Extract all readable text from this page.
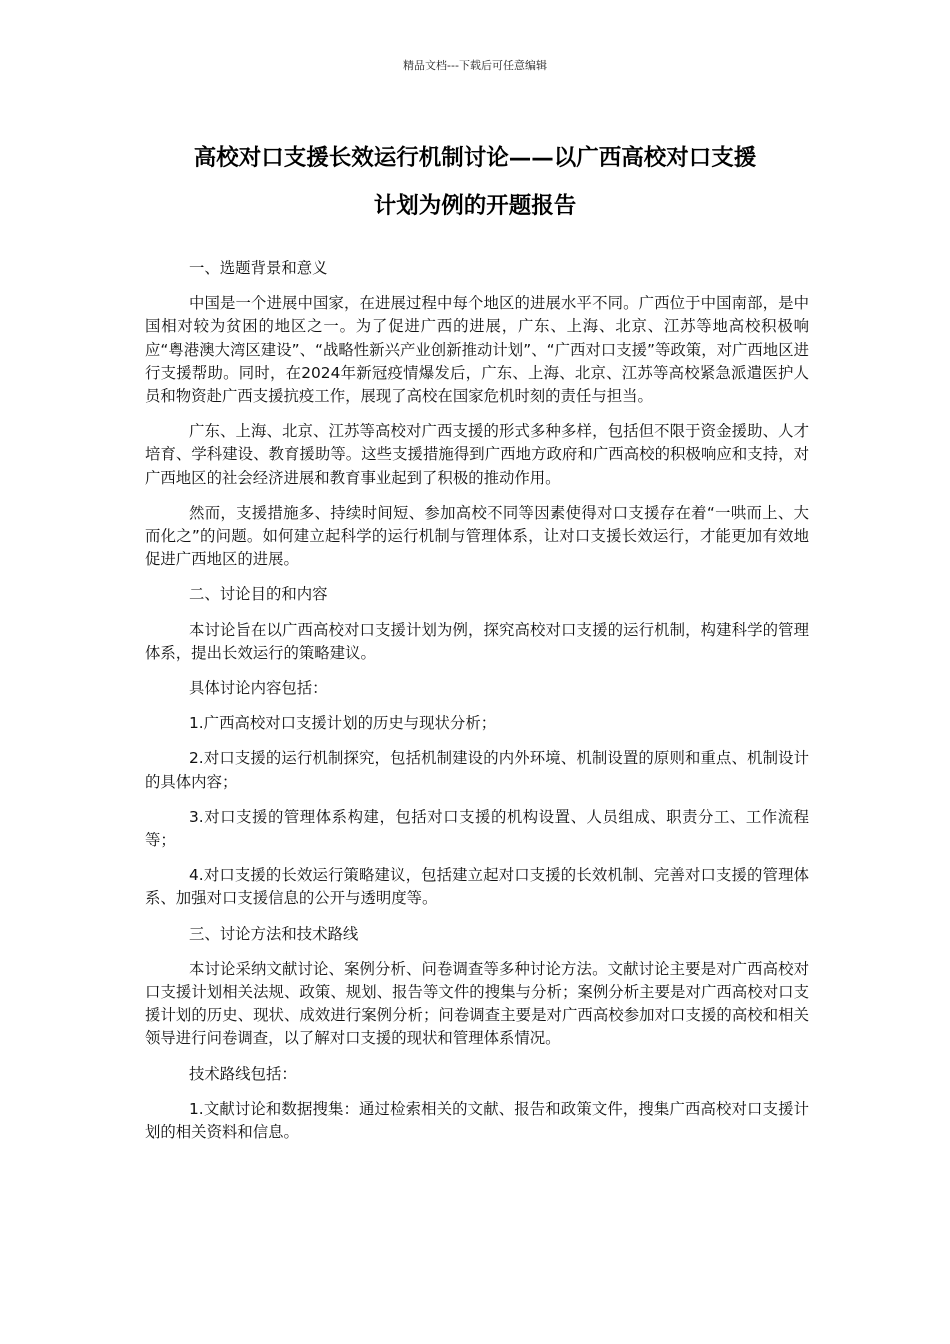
精品文档---下载后可任意编辑
高校对口支援长效运行机制讨论——以广西高校对口支援
计划为例的开题报告

一、选题背景和意义

中国是一个进展中国家，在进展过程中每个地区的进展水平不同。广西位于中国南部，是中国相对较为贫困的地区之一。为了促进广西的进展，广东、上海、北京、江苏等地高校积极响应“粤港澳大湾区建设”、“战略性新兴产业创新推动计划”、“广西对口支援”等政策，对广西地区进行支援帮助。同时，在2024年新冠疫情爆发后，广东、上海、北京、江苏等高校紧急派遣医护人员和物资赴广西支援抗疫工作，展现了高校在国家危机时刻的责任与担当。

广东、上海、北京、江苏等高校对广西支援的形式多种多样，包括但不限于资金援助、人才培育、学科建设、教育援助等。这些支援措施得到广西地方政府和广西高校的积极响应和支持，对广西地区的社会经济进展和教育事业起到了积极的推动作用。

然而，支援措施多、持续时间短、参加高校不同等因素使得对口支援存在着“一哄而上、大而化之”的问题。如何建立起科学的运行机制与管理体系，让对口支援长效运行，才能更加有效地促进广西地区的进展。

二、讨论目的和内容

本讨论旨在以广西高校对口支援计划为例，探究高校对口支援的运行机制，构建科学的管理体系，提出长效运行的策略建议。

具体讨论内容包括：

1.广西高校对口支援计划的历史与现状分析；

2.对口支援的运行机制探究，包括机制建设的内外环境、机制设置的原则和重点、机制设计的具体内容；

3.对口支援的管理体系构建，包括对口支援的机构设置、人员组成、职责分工、工作流程等；

4.对口支援的长效运行策略建议，包括建立起对口支援的长效机制、完善对口支援的管理体系、加强对口支援信息的公开与透明度等。

三、讨论方法和技术路线

本讨论采纳文献讨论、案例分析、问卷调查等多种讨论方法。文献讨论主要是对广西高校对口支援计划相关法规、政策、规划、报告等文件的搜集与分析；案例分析主要是对广西高校对口支援计划的历史、现状、成效进行案例分析；问卷调查主要是对广西高校参加对口支援的高校和相关领导进行问卷调查，以了解对口支援的现状和管理体系情况。

技术路线包括：

1.文献讨论和数据搜集：通过检索相关的文献、报告和政策文件，搜集广西高校对口支援计划的相关资料和信息。
